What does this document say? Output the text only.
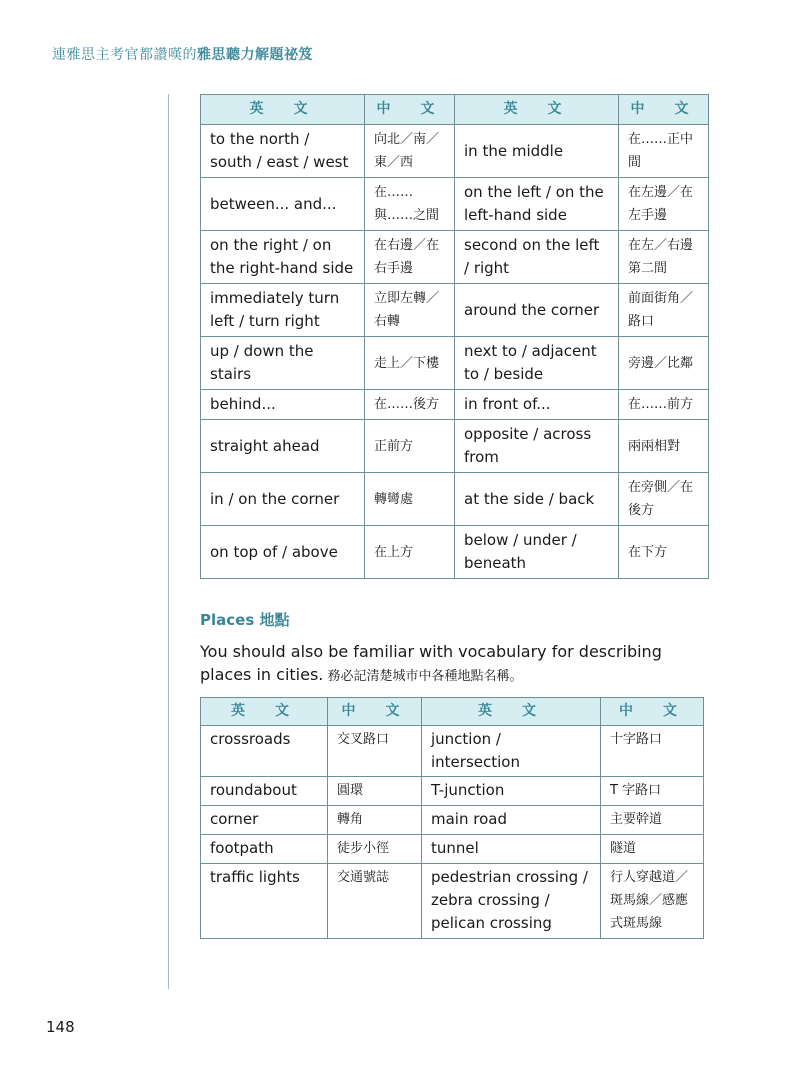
連雅思主考官都讚嘆的雅思聽力解題祕笈
英　文	中　文	英　文	中　文
to the north / south / east / west	向北／南／東／西	in the middle	在……正中間
between... and...	在……與……之間	on the left / on the left-hand side	在左邊／在左手邊
on the right / on the right-hand side	在右邊／在右手邊	second on the left / right	在左／右邊第二間
immediately turn left / turn right	立即左轉／右轉	around the corner	前面街角／路口
up / down the stairs	走上／下樓	next to / adjacent to / beside	旁邊／比鄰
behind...	在……後方	in front of...	在……前方
straight ahead	正前方	opposite / across from	兩兩相對
in / on the corner	轉彎處	at the side / back	在旁側／在後方
on top of / above	在上方	below / under / beneath	在下方
Places 地點
You should also be familiar with vocabulary for describing places in cities. 務必記清楚城市中各種地點名稱。
英　文	中　文	英　文	中　文
crossroads	交叉路口	junction / intersection	十字路口
roundabout	圓環	T-junction	T 字路口
corner	轉角	main road	主要幹道
footpath	徒步小徑	tunnel	隧道
traffic lights	交通號誌	pedestrian crossing / zebra crossing / pelican crossing	行人穿越道／斑馬線／感應式斑馬線
148
